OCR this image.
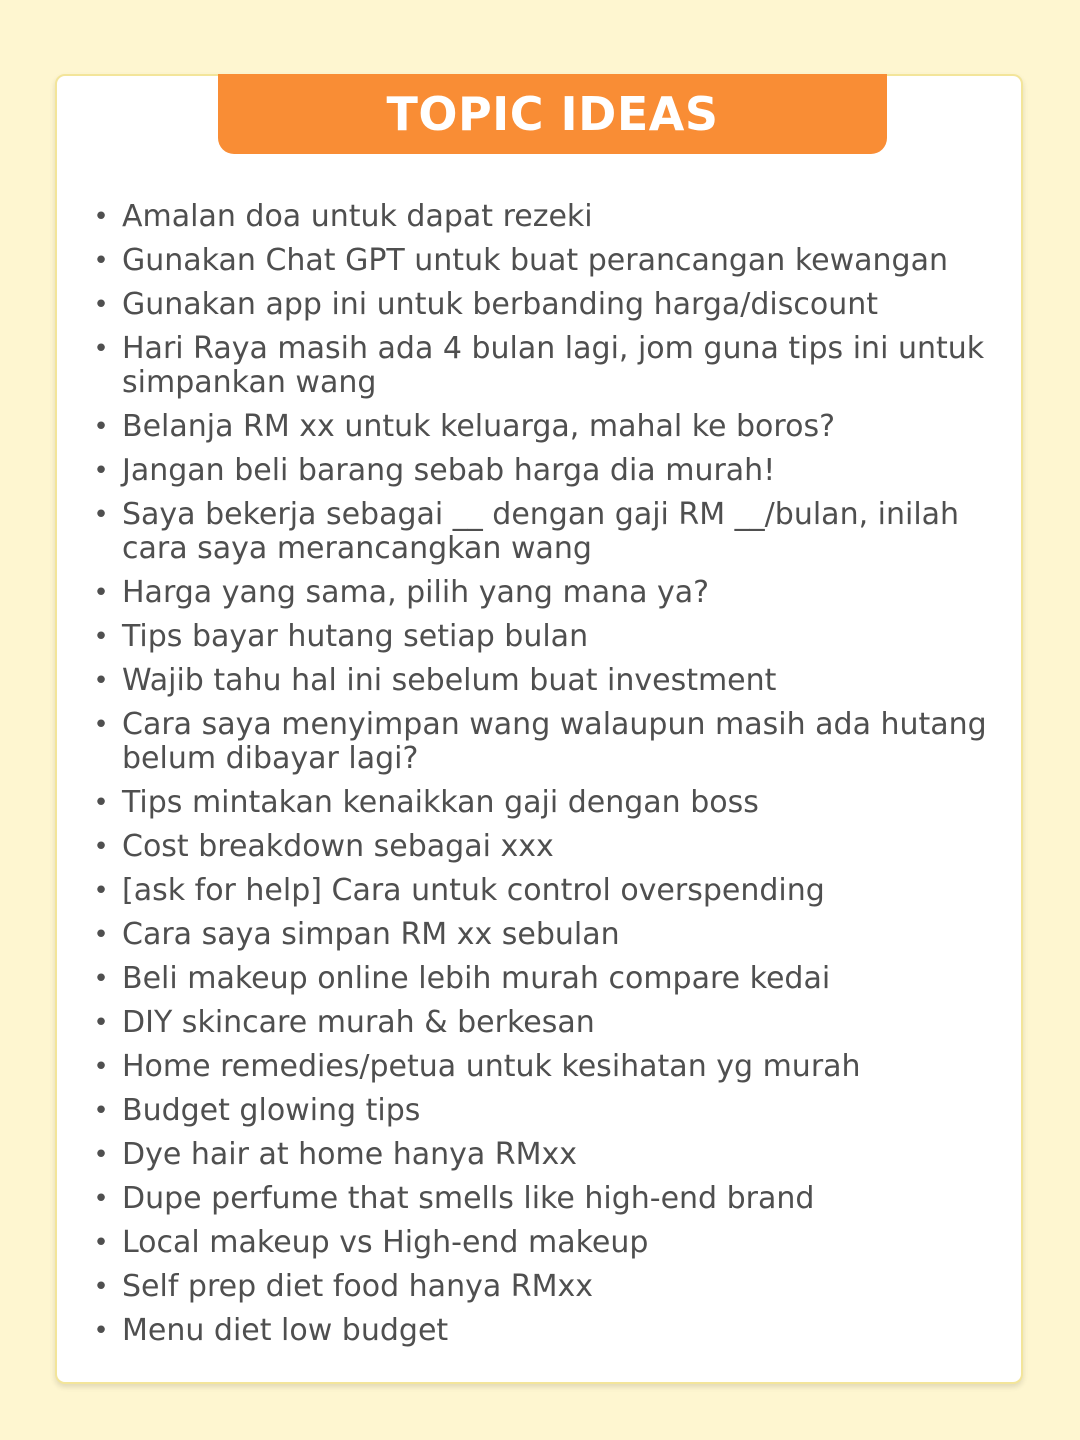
TOPIC IDEAS
• Amalan doa untuk dapat rezeki
• Gunakan Chat GPT untuk buat perancangan kewangan
• Gunakan app ini untuk berbanding harga/discount
• Hari Raya masih ada 4 bulan lagi, jom guna tips ini untuk simpankan wang
• Belanja RM xx untuk keluarga, mahal ke boros?
• Jangan beli barang sebab harga dia murah!
• Saya bekerja sebagai __ dengan gaji RM __/bulan, inilah cara saya merancangkan wang
• Harga yang sama, pilih yang mana ya?
• Tips bayar hutang setiap bulan
• Wajib tahu hal ini sebelum buat investment
• Cara saya menyimpan wang walaupun masih ada hutang belum dibayar lagi?
• Tips mintakan kenaikkan gaji dengan boss
• Cost breakdown sebagai xxx
• [ask for help] Cara untuk control overspending
• Cara saya simpan RM xx sebulan
• Beli makeup online lebih murah compare kedai
• DIY skincare murah & berkesan
• Home remedies/petua untuk kesihatan yg murah
• Budget glowing tips
• Dye hair at home hanya RMxx
• Dupe perfume that smells like high-end brand
• Local makeup vs High-end makeup
• Self prep diet food hanya RMxx
• Menu diet low budget
